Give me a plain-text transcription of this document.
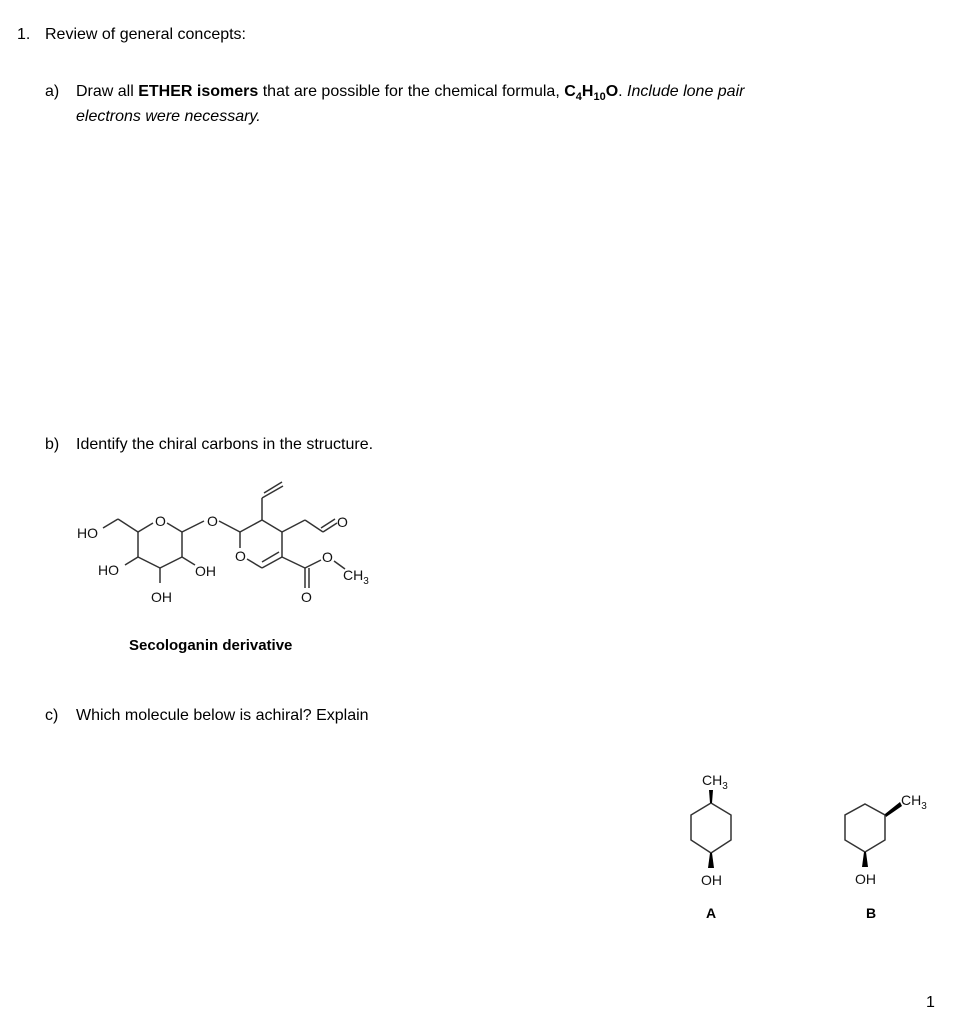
1. Review of general concepts:
a) Draw all ETHER isomers that are possible for the chemical formula, $C_4H_{10}O$. Include lone pair
electrons were necessary.
b) Identify the chiral carbons in the structure.
HO
HO	OH
OH
O	O
O
O
O
O
$CH_3$
$CH_3$
OH
$CH_3$
OH
Secologanin derivative
c) Which molecule below is achiral? Explain
A	B
1
